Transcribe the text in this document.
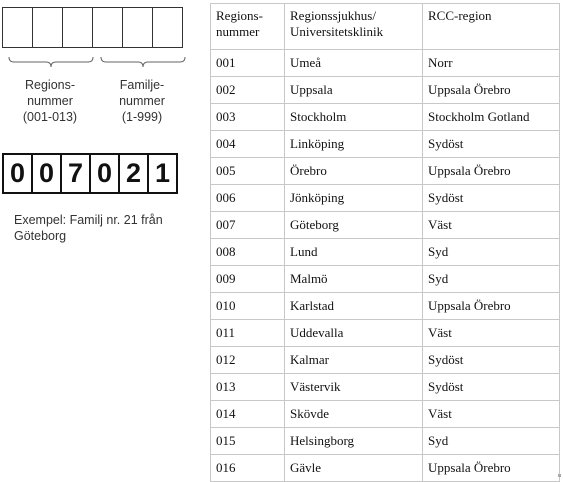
Regions-
nummer
(001-013)
Familje-
nummer
(1-999)
0 0 7 0 2 1
Exempel: Familj nr. 21 från Göteborg
Regions-
nummer	Regionssjukhus/
Universitetsklinik	RCC-region
001	Umeå	Norr
002	Uppsala	Uppsala Örebro
003	Stockholm	Stockholm Gotland
004	Linköping	Sydöst
005	Örebro	Uppsala Örebro
006	Jönköping	Sydöst
007	Göteborg	Väst
008	Lund	Syd
009	Malmö	Syd
010	Karlstad	Uppsala Örebro
011	Uddevalla	Väst
012	Kalmar	Sydöst
013	Västervik	Sydöst
014	Skövde	Väst
015	Helsingborg	Syd
016	Gävle	Uppsala Örebro
